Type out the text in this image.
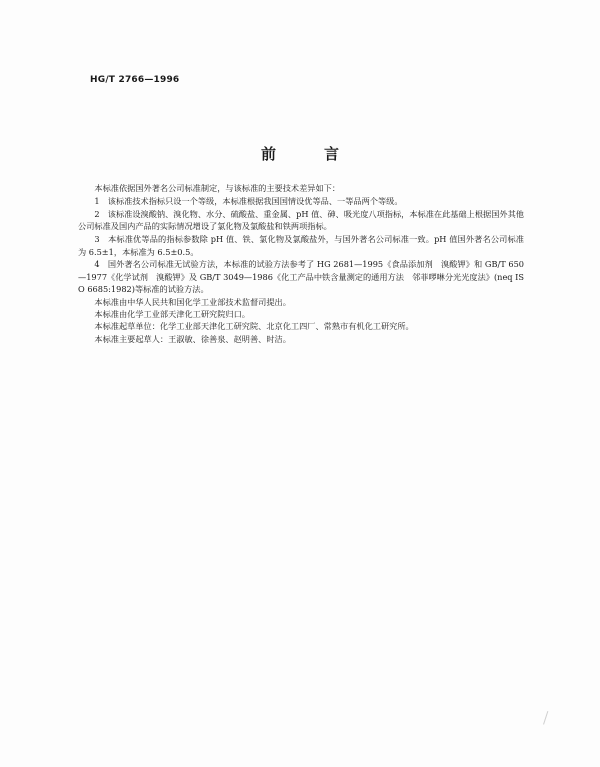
HG/T 2766—1996
前言

本标准依据国外著名公司标准制定，与该标准的主要技术差异如下：

1　该标准技术指标只设一个等级，本标准根据我国国情设优等品、一等品两个等级。

2　该标准设溴酸钠、溴化物、水分、硫酸盐、重金属、pH 值、砷、吸光度八项指标，本标准在此基础上根据国外其他公司标准及国内产品的实际情况增设了氯化物及氯酸盐和铁两项指标。

3　本标准优等品的指标参数除 pH 值、铁、氯化物及氯酸盐外，与国外著名公司标准一致。pH 值国外著名公司标准为 6.5±1，本标准为 6.5±0.5。

4　国外著名公司标准无试验方法，本标准的试验方法参考了 HG 2681—1995《食品添加剂　溴酸钾》和 GB/T 650—1977《化学试剂　溴酸钾》及 GB/T 3049—1986《化工产品中铁含量测定的通用方法　邻菲啰啉分光光度法》(neq ISO 6685:1982)等标准的试验方法。

本标准由中华人民共和国化学工业部技术监督司提出。

本标准由化学工业部天津化工研究院归口。

本标准起草单位：化学工业部天津化工研究院、北京化工四厂、常熟市有机化工研究所。

本标准主要起草人：王淑敏、徐善泉、赵明善、时洁。
